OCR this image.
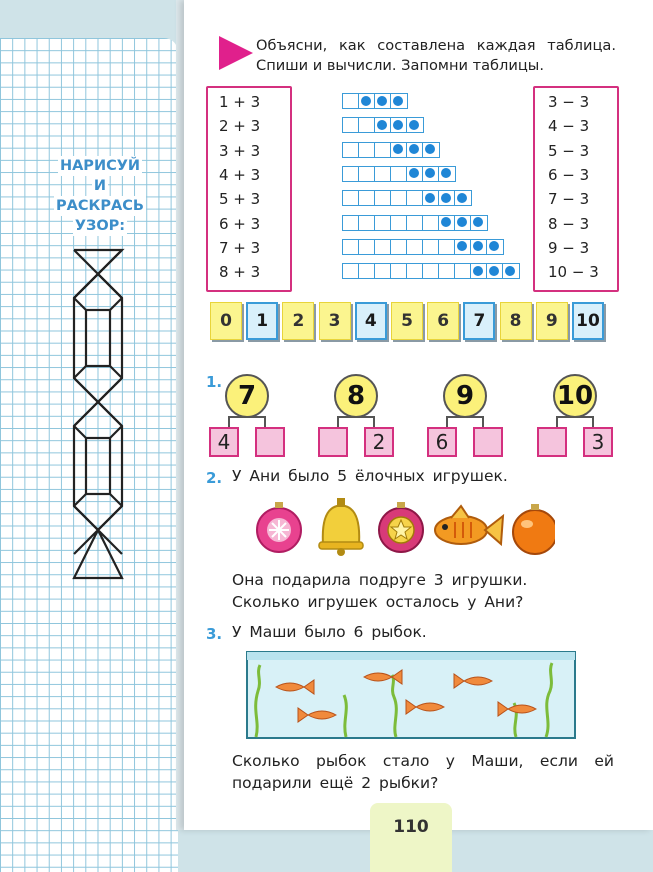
НАРИСУЙ
И
РАСКРАСЬ
УЗОР:
Объясни, как составлена каждая таблица.
Спиши и вычисли. Запомни таблицы.
1 + 3
2 + 3
3 + 3
4 + 3
5 + 3
6 + 3
7 + 3
8 + 3
3 − 3
4 − 3
5 − 3
6 − 3
7 − 3
8 − 3
9 − 3
10 − 3
0	1	2	3	4	5	6	7	8	9	10
1. 7
4
8
2
9
6
10
3
2. У Ани было 5 ёлочных игрушек.
Она подарила подруге 3 игрушки.
Сколько игрушек осталось у Ани?
3. У Маши было 6 рыбок.
Сколько рыбок стало у Маши, если ей
подарили ещё 2 рыбки?
110
